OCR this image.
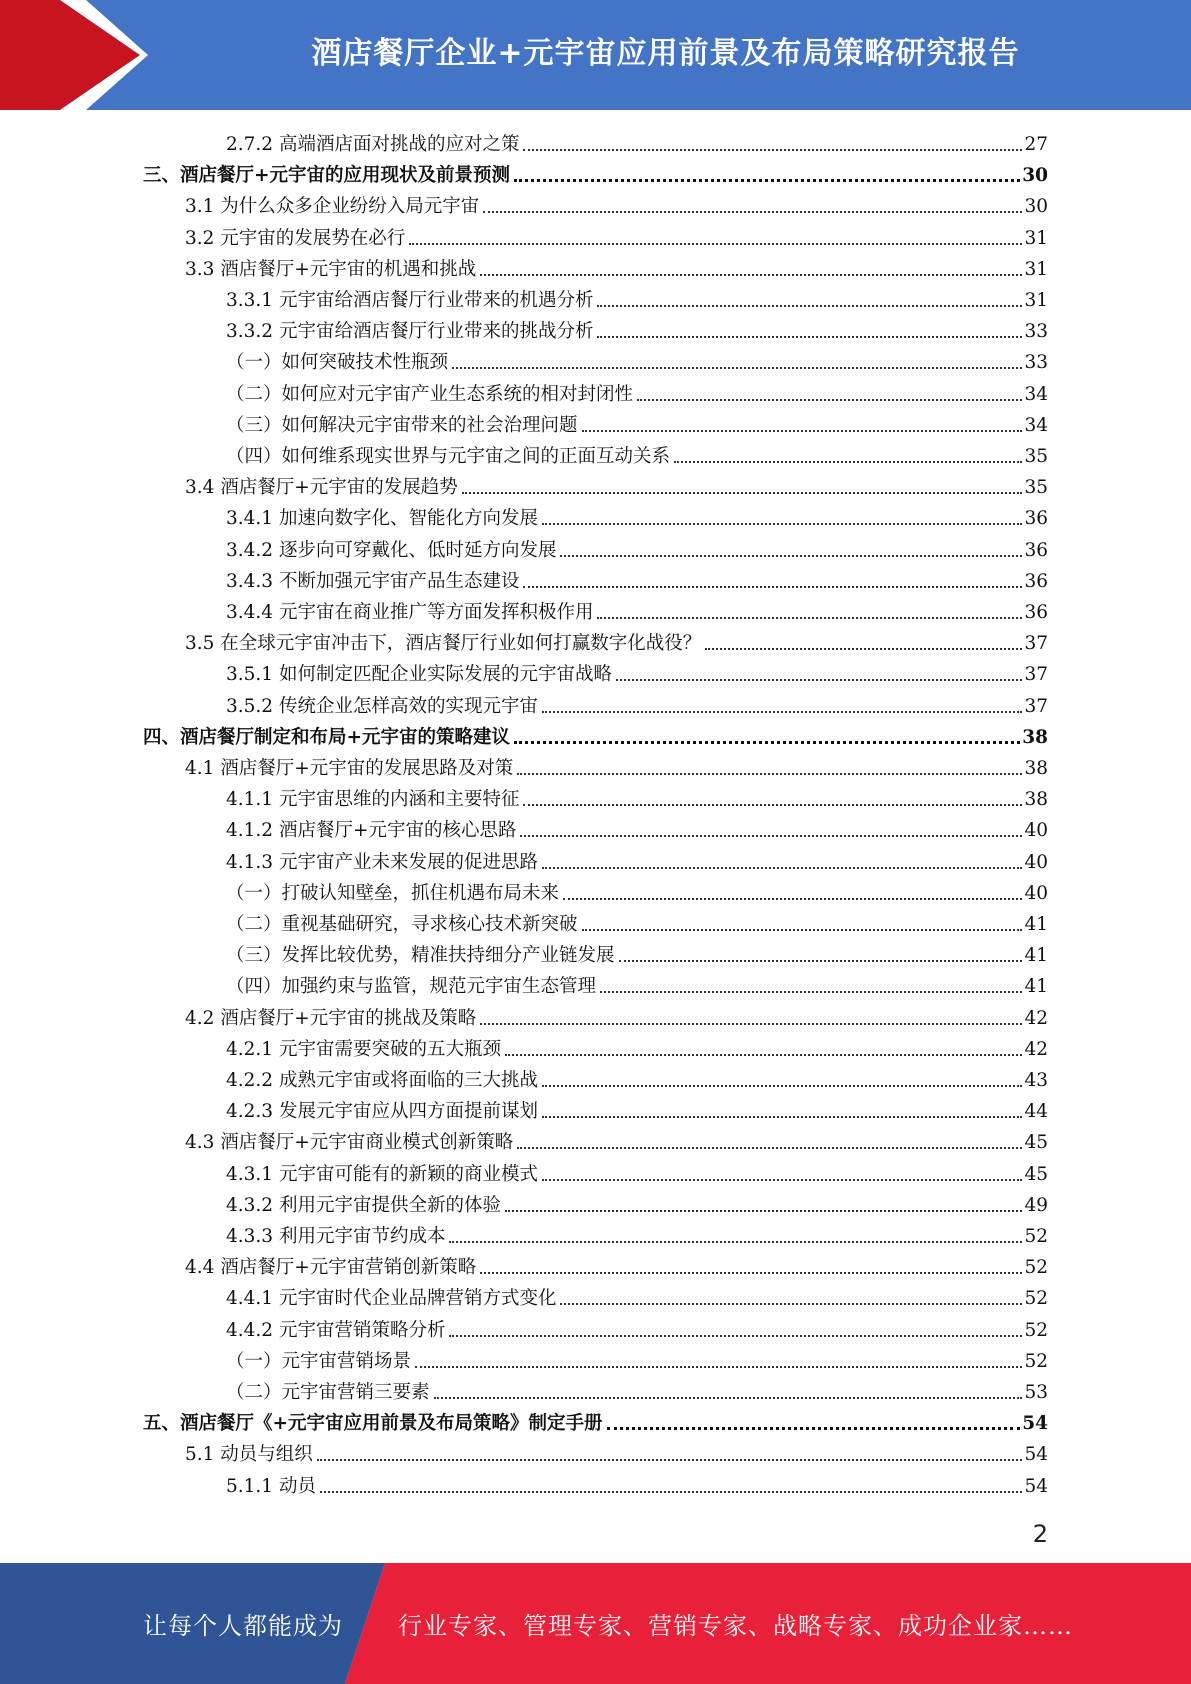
酒店餐厅企业+元宇宙应用前景及布局策略研究报告
2.7.2 高端酒店面对挑战的应对之策	27
三、酒店餐厅+元宇宙的应用现状及前景预测	30
3.1 为什么众多企业纷纷入局元宇宙	30
3.2 元宇宙的发展势在必行	31
3.3 酒店餐厅+元宇宙的机遇和挑战	31
3.3.1 元宇宙给酒店餐厅行业带来的机遇分析	31
3.3.2 元宇宙给酒店餐厅行业带来的挑战分析	33
（一）如何突破技术性瓶颈	33
（二）如何应对元宇宙产业生态系统的相对封闭性	34
（三）如何解决元宇宙带来的社会治理问题	34
（四）如何维系现实世界与元宇宙之间的正面互动关系	35
3.4 酒店餐厅+元宇宙的发展趋势	35
3.4.1 加速向数字化、智能化方向发展	36
3.4.2 逐步向可穿戴化、低时延方向发展	36
3.4.3 不断加强元宇宙产品生态建设	36
3.4.4 元宇宙在商业推广等方面发挥积极作用	36
3.5 在全球元宇宙冲击下，酒店餐厅行业如何打赢数字化战役？	37
3.5.1 如何制定匹配企业实际发展的元宇宙战略	37
3.5.2 传统企业怎样高效的实现元宇宙	37
四、酒店餐厅制定和布局+元宇宙的策略建议	38
4.1 酒店餐厅+元宇宙的发展思路及对策	38
4.1.1 元宇宙思维的内涵和主要特征	38
4.1.2 酒店餐厅+元宇宙的核心思路	40
4.1.3 元宇宙产业未来发展的促进思路	40
（一）打破认知壁垒，抓住机遇布局未来	40
（二）重视基础研究，寻求核心技术新突破	41
（三）发挥比较优势，精准扶持细分产业链发展	41
（四）加强约束与监管，规范元宇宙生态管理	41
4.2 酒店餐厅+元宇宙的挑战及策略	42
4.2.1 元宇宙需要突破的五大瓶颈	42
4.2.2 成熟元宇宙或将面临的三大挑战	43
4.2.3 发展元宇宙应从四方面提前谋划	44
4.3 酒店餐厅+元宇宙商业模式创新策略	45
4.3.1 元宇宙可能有的新颖的商业模式	45
4.3.2 利用元宇宙提供全新的体验	49
4.3.3 利用元宇宙节约成本	52
4.4 酒店餐厅+元宇宙营销创新策略	52
4.4.1 元宇宙时代企业品牌营销方式变化	52
4.4.2 元宇宙营销策略分析	52
（一）元宇宙营销场景	52
（二）元宇宙营销三要素	53
五、酒店餐厅《+元宇宙应用前景及布局策略》制定手册	54
5.1 动员与组织	54
5.1.1 动员	54
2
让每个人都能成为 行业专家、管理专家、营销专家、战略专家、成功企业家……
